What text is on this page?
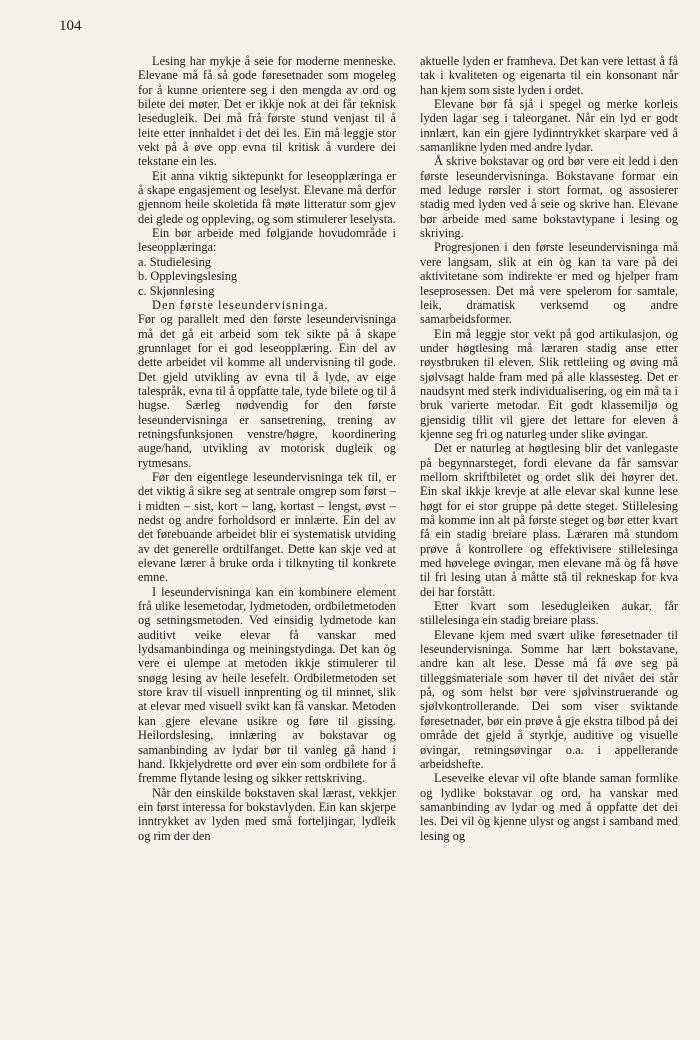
104

Lesing har mykje å seie for moderne menneske. Elevane må få så gode føresetnader som mogeleg for å kunne orientere seg i den mengda av ord og bilete dei møter. Det er ikkje nok at dei får teknisk lesedugleik. Dei må frå første stund venjast til å leite etter innhaldet i det dei les. Ein må leggje stor vekt på å øve opp evna til kritisk å vurdere dei tekstane ein les.

Eit anna viktig siktepunkt for leseopplæringa er å skape engasjement og leselyst. Elevane må derfor gjennom heile skoletida få møte litteratur som gjev dei glede og oppleving, og som stimulerer leselysta.

Ein bør arbeide med følgjande hovudområde i leseopplæringa:

a. Studielesing
b. Opplevingslesing
c. Skjønnlesing

Den første leseundervisninga.

Før og parallelt med den første leseundervisninga må det gå eit arbeid som tek sikte på å skape grunnlaget for ei god leseopplæring. Ein del av dette arbeidet vil komme all undervisning til gode. Det gjeld utvikling av evna til å lyde, av eige talespråk, evna til å oppfatte tale, tyde bilete og til å hugse. Særleg nødvendig for den første leseundervisninga er sansetrening, trening av retningsfunksjonen venstre/høgre, koordinering auge/hand, utvikling av motorisk dugleik og rytmesans.

Før den eigentlege leseundervisninga tek til, er det viktig å sikre seg at sentrale omgrep som først – i midten – sist, kort – lang, kortast – lengst, øvst – nedst og andre forholdsord er innlærte. Ein del av det førebuande arbeidet blir ei systematisk utviding av det generelle ordtilfanget. Dette kan skje ved at elevane lærer å bruke orda i tilknyting til konkrete emne.

I leseundervisninga kan ein kombinere element frå ulike lesemetodar, lydmetoden, ordbiletmetoden og setningsmetoden. Ved einsidig lydmetode kan auditivt veike elevar få vanskar med lydsamanbindinga og meiningstydinga. Det kan òg vere ei ulempe at metoden ikkje stimulerer til snøgg lesing av heile lesefelt. Ordbiletmetoden set store krav til visuell innprenting og til minnet, slik at elevar med visuell svikt kan få vanskar. Metoden kan gjere elevane usikre og føre til gissing. Heilordslesing, innlæring av bokstavar og samanbinding av lydar bør til vanleg gå hand i hand. Ikkjelydrette ord øver ein som ordbilete for å fremme flytande lesing og sikker rettskriving.

Når den einskilde bokstaven skal lærast, vekkjer ein først interessa for bokstavlyden. Ein kan skjerpe inntrykket av lyden med små forteljingar, lydleik og rim der den

aktuelle lyden er framheva. Det kan vere lettast å få tak i kvaliteten og eigenarta til ein konsonant når han kjem som siste lyden i ordet.

Elevane bør få sjå i spegel og merke korleis lyden lagar seg i taleorganet. Når ein lyd er godt innlært, kan ein gjere lydinntrykket skarpare ved å samanlikne lyden med andre lydar.

Å skrive bokstavar og ord bør vere eit ledd i den første leseundervisninga. Bokstavane formar ein med leduge rørsler i stort format, og assosierer stadig med lyden ved å seie og skrive han. Elevane bør arbeide med same bokstavtypane i lesing og skriving.

Progresjonen i den første leseundervisninga må vere langsam, slik at ein òg kan ta vare på dei aktivitetane som indirekte er med og hjelper fram leseprosessen. Det må vere spelerom for samtale, leik, dramatisk verksemd og andre samarbeidsformer.

Ein må leggje stor vekt på god artikulasjon, og under høgtlesing må læraren stadig anse etter røystbruken til eleven. Slik rettleiing og øving må sjølvsagt halde fram med på alle klassesteg. Det er naudsynt med sterk individualisering, og ein må ta i bruk varierte metodar. Eit godt klassemiljø og gjensidig tillit vil gjere det lettare for eleven å kjenne seg fri og naturleg under slike øvingar.

Det er naturleg at høgtlesing blir det vanlegaste på begynnarsteget, fordi elevane da får samsvar mellom skriftbiletet og ordet slik dei høyrer det. Ein skal ikkje krevje at alle elevar skal kunne lese høgt for ei stor gruppe på dette steget. Stillelesing må komme inn alt på første steget og bør etter kvart få ein stadig breiare plass. Læraren må stundom prøve å kontrollere og effektivisere stillelesinga med høvelege øvingar, men elevane må òg få høve til fri lesing utan å måtte stå til rekneskap for kva dei har forstått.

Etter kvart som lesedugleiken aukar, får stillelesinga ein stadig breiare plass.

Elevane kjem med svært ulike føresetnader til leseundervisninga. Somme har lært bokstavane, andre kan alt lese. Desse må få øve seg på tilleggsmateriale som høver til det nivået dei står på, og som helst bør vere sjølvinstruerande og sjølvkontrollerande. Dei som viser sviktande føresetnader, bør ein prøve å gje ekstra tilbod på dei område det gjeld å styrkje, auditive og visuelle øvingar, retningsøvingar o.a. i appellerande arbeidshefte.

Leseveike elevar vil ofte blande saman formlike og lydlike bokstavar og ord, ha vanskar med samanbinding av lydar og med å oppfatte det dei les. Dei vil òg kjenne ulyst og angst i samband med lesing og
